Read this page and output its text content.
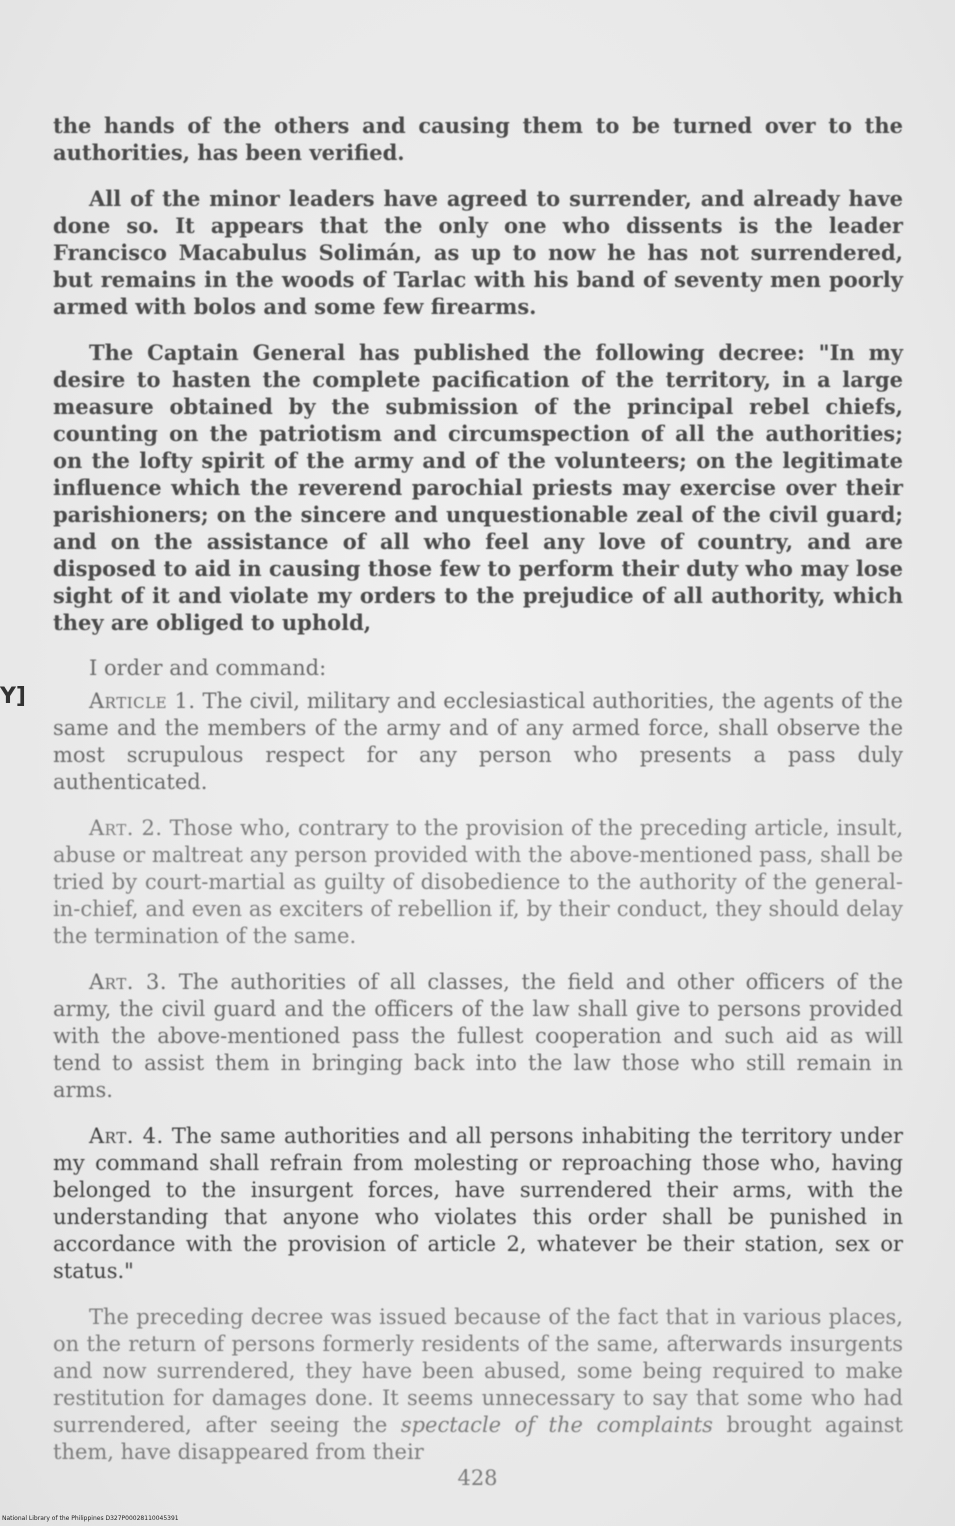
Y]

the hands of the others and causing them to be turned over to the authorities, has been verified.

All of the minor leaders have agreed to surrender, and already have done so. It appears that the only one who dissents is the leader Francisco Macabulus Solimán, as up to now he has not surrendered, but remains in the woods of Tarlac with his band of seventy men poorly armed with bolos and some few firearms.

The Captain General has published the following decree: "In my desire to hasten the complete pacification of the territory, in a large measure obtained by the submission of the principal rebel chiefs, counting on the patriotism and circumspection of all the authorities; on the lofty spirit of the army and of the volunteers; on the legitimate influence which the reverend parochial priests may exercise over their parishioners; on the sincere and unquestionable zeal of the civil guard; and on the assistance of all who feel any love of country, and are disposed to aid in causing those few to perform their duty who may lose sight of it and violate my orders to the prejudice of all authority, which they are obliged to uphold,

I order and command:

Article 1. The civil, military and ecclesiastical authorities, the agents of the same and the members of the army and of any armed force, shall observe the most scrupulous respect for any person who presents a pass duly authenticated.

Art. 2. Those who, contrary to the provision of the preceding article, insult, abuse or maltreat any person provided with the above-mentioned pass, shall be tried by court-martial as guilty of disobedience to the authority of the general-in-chief, and even as exciters of rebellion if, by their conduct, they should delay the termination of the same.

Art. 3. The authorities of all classes, the field and other officers of the army, the civil guard and the officers of the law shall give to persons provided with the above-mentioned pass the fullest cooperation and such aid as will tend to assist them in bringing back into the law those who still remain in arms.

Art. 4. The same authorities and all persons inhabiting the territory under my command shall refrain from molesting or reproaching those who, having belonged to the insurgent forces, have surrendered their arms, with the understanding that anyone who violates this order shall be punished in accordance with the provision of article 2, whatever be their station, sex or status."

The preceding decree was issued because of the fact that in various places, on the return of persons formerly residents of the same, afterwards insurgents and now surrendered, they have been abused, some being required to make restitution for damages done. It seems unnecessary to say that some who had surrendered, after seeing the spectacle of the complaints brought against them, have disappeared from their

428
National Library of the Philippines D327P00028110045391
